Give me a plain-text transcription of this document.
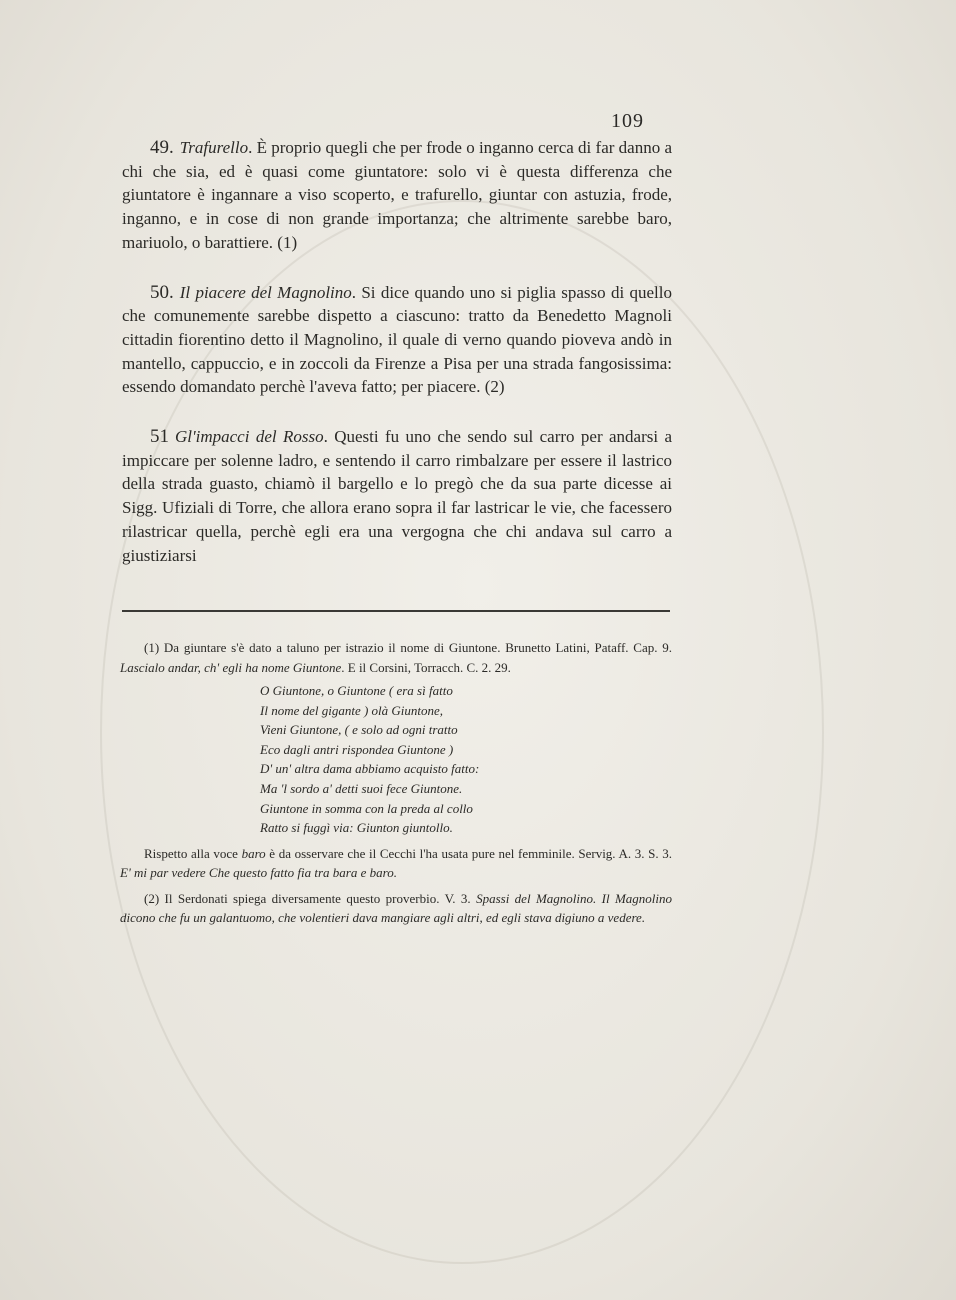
109

49. Trafurello. È proprio quegli che per frode o inganno cerca di far danno a chi che sia, ed è quasi come giuntatore: solo vi è questa differenza che giuntatore è ingannare a viso scoperto, e trafurello, giuntar con astuzia, frode, inganno, e in cose di non grande importanza; che altrimente sarebbe baro, mariuolo, o barattiere. (1)

50. Il piacere del Magnolino. Si dice quando uno si piglia spasso di quello che comunemente sarebbe dispetto a ciascuno: tratto da Benedetto Magnoli cittadin fiorentino detto il Magnolino, il quale di verno quando pioveva andò in mantello, cappuccio, e in zoccoli da Firenze a Pisa per una strada fangosissima: essendo domandato perchè l'aveva fatto; per piacere. (2)

51 Gl'impacci del Rosso. Questi fu uno che sendo sul carro per andarsi a impiccare per solenne ladro, e sentendo il carro rimbalzare per essere il lastrico della strada guasto, chiamò il bargello e lo pregò che da sua parte dicesse ai Sigg. Ufiziali di Torre, che allora erano sopra il far lastricar le vie, che facessero rilastricar quella, perchè egli era una vergogna che chi andava sul carro a giustiziarsi

(1) Da giuntare s'è dato a taluno per istrazio il nome di Giuntone. Brunetto Latini, Pataff. Cap. 9. Lascialo andar, ch' egli ha nome Giuntone. E il Corsini, Torracch. C. 2. 29.

O Giuntone, o Giuntone ( era sì fatto
Il nome del gigante ) olà Giuntone,
Vieni Giuntone, ( e solo ad ogni tratto
Eco dagli antri rispondea Giuntone )
D' un' altra dama abbiamo acquisto fatto:
Ma 'l sordo a' detti suoi fece Giuntone.
Giuntone in somma con la preda al collo
Ratto si fuggì via: Giunton giuntollo.

Rispetto alla voce baro è da osservare che il Cecchi l'ha usata pure nel femminile. Servig. A. 3. S. 3. E' mi par vedere Che questo fatto fia tra bara e baro.

(2) Il Serdonati spiega diversamente questo proverbio. V. 3. Spassi del Magnolino. Il Magnolino dicono che fu un galantuomo, che volentieri dava mangiare agli altri, ed egli stava digiuno a vedere.
